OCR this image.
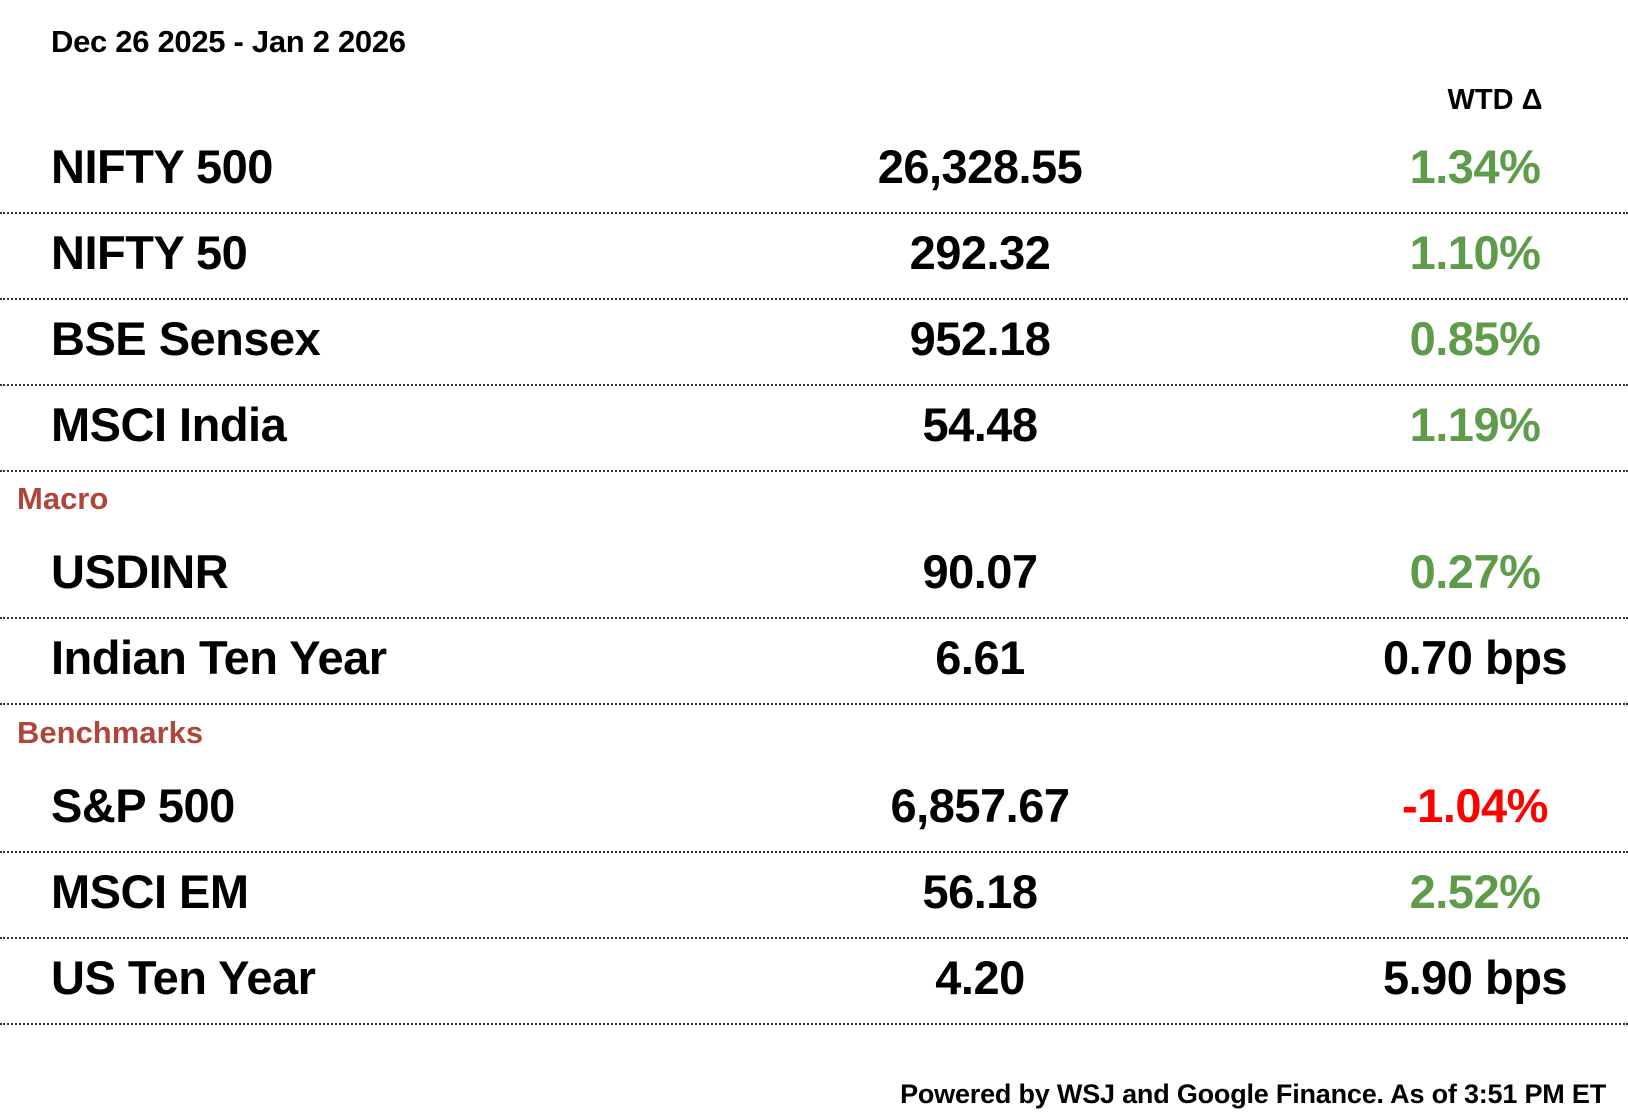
Dec 26 2025 - Jan 2 2026
WTD Δ
NIFTY 500	26,328.55	1.34%
NIFTY 50	292.32	1.10%
BSE Sensex	952.18	0.85%
MSCI India	54.48	1.19%
Macro
USDINR	90.07	0.27%
Indian Ten Year	6.61	0.70 bps
Benchmarks
S&P 500	6,857.67	-1.04%
MSCI EM	56.18	2.52%
US Ten Year	4.20	5.90 bps
Powered by WSJ and Google Finance. As of 3:51 PM ET
